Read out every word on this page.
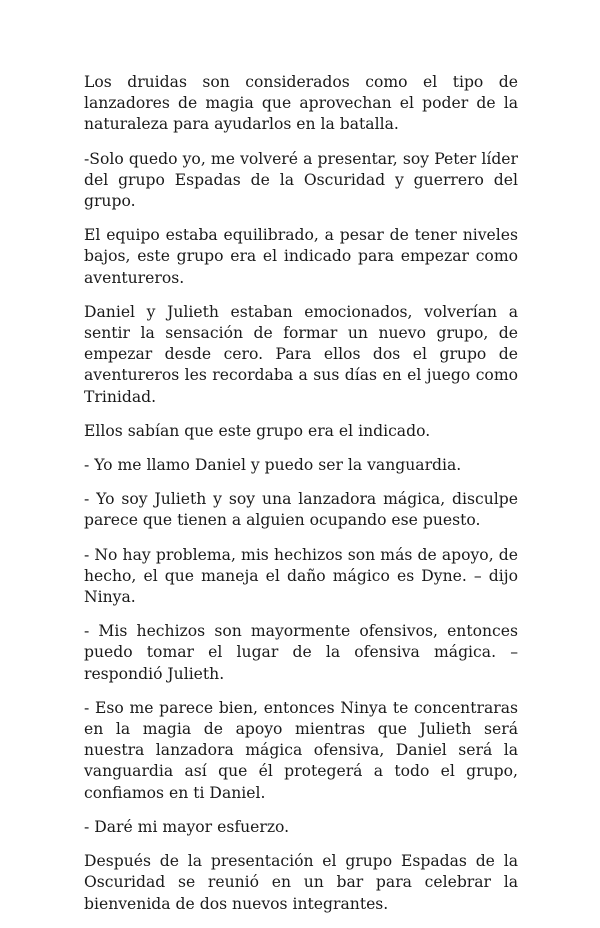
Los druidas son considerados como el tipo de lanzadores de magia que aprovechan el poder de la naturaleza para ayudarlos en la batalla.

-Solo quedo yo, me volveré a presentar, soy Peter líder del grupo Espadas de la Oscuridad y guerrero del grupo.

El equipo estaba equilibrado, a pesar de tener niveles bajos, este grupo era el indicado para empezar como aventureros.

Daniel y Julieth estaban emocionados, volverían a sentir la sensación de formar un nuevo grupo, de empezar desde cero. Para ellos dos el grupo de aventureros les recordaba a sus días en el juego como Trinidad.

Ellos sabían que este grupo era el indicado.

- Yo me llamo Daniel y puedo ser la vanguardia.

- Yo soy Julieth y soy una lanzadora mágica, disculpe parece que tienen a alguien ocupando ese puesto.

- No hay problema, mis hechizos son más de apoyo, de hecho, el que maneja el daño mágico es Dyne. – dijo Ninya.

- Mis hechizos son mayormente ofensivos, entonces puedo tomar el lugar de la ofensiva mágica. – respondió Julieth.

- Eso me parece bien, entonces Ninya te concentraras en la magia de apoyo mientras que Julieth será nuestra lanzadora mágica ofensiva, Daniel será la vanguardia así que él protegerá a todo el grupo, confiamos en ti Daniel.

- Daré mi mayor esfuerzo.

Después de la presentación el grupo Espadas de la Oscuridad se reunió en un bar para celebrar la bienvenida de dos nuevos integrantes.
